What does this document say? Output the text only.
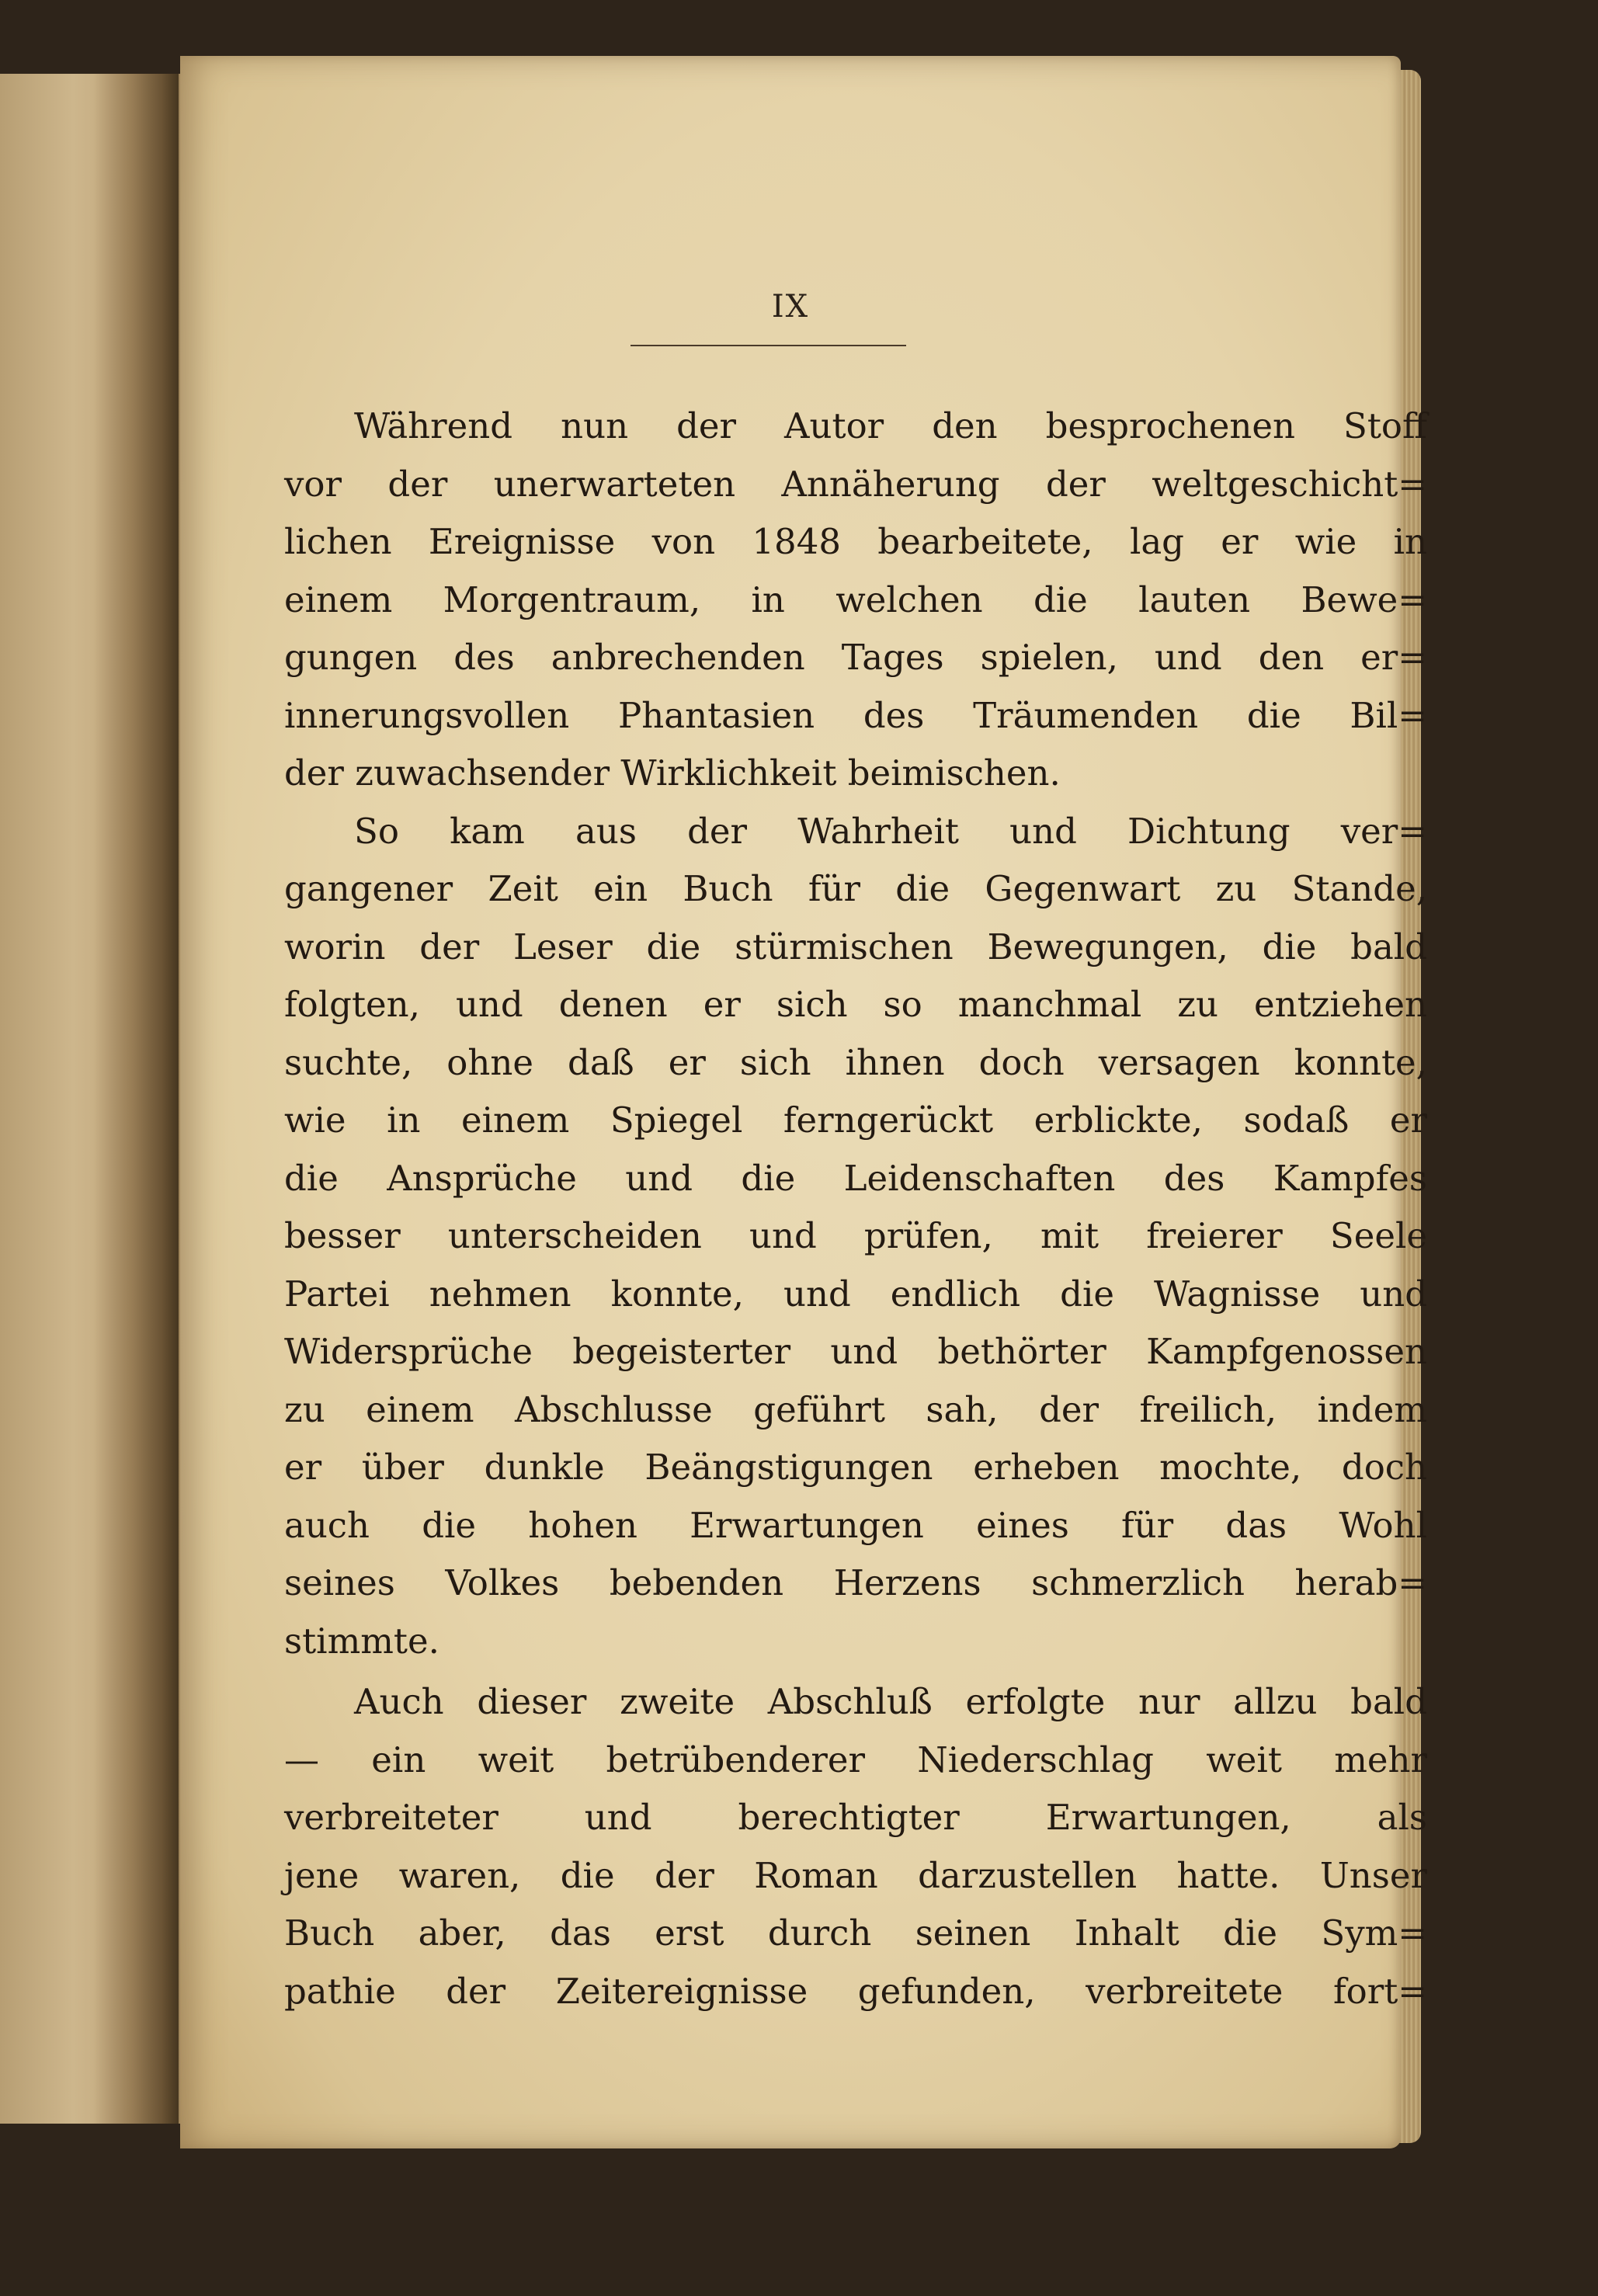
IX
Während nun der Autor den besprochenen Stoff
vor der unerwarteten Annäherung der weltgeschicht=
lichen Ereignisse von 1848 bearbeitete, lag er wie in
einem Morgentraum, in welchen die lauten Bewe=
gungen des anbrechenden Tages spielen, und den er=
innerungsvollen Phantasien des Träumenden die Bil=
der zuwachsender Wirklichkeit beimischen.
So kam aus der Wahrheit und Dichtung ver=
gangener Zeit ein Buch für die Gegenwart zu Stande,
worin der Leser die stürmischen Bewegungen, die bald
folgten, und denen er sich so manchmal zu entziehen
suchte, ohne daß er sich ihnen doch versagen konnte,
wie in einem Spiegel ferngerückt erblickte, sodaß er
die Ansprüche und die Leidenschaften des Kampfes
besser unterscheiden und prüfen, mit freierer Seele
Partei nehmen konnte, und endlich die Wagnisse und
Widersprüche begeisterter und bethörter Kampfgenossen
zu einem Abschlusse geführt sah, der freilich, indem
er über dunkle Beängstigungen erheben mochte, doch
auch die hohen Erwartungen eines für das Wohl
seines Volkes bebenden Herzens schmerzlich herab=
stimmte.
Auch dieser zweite Abschluß erfolgte nur allzu bald
— ein weit betrübenderer Niederschlag weit mehr
verbreiteter und berechtigter Erwartungen, als
jene waren, die der Roman darzustellen hatte. Unser
Buch aber, das erst durch seinen Inhalt die Sym=
pathie der Zeitereignisse gefunden, verbreitete fort=
